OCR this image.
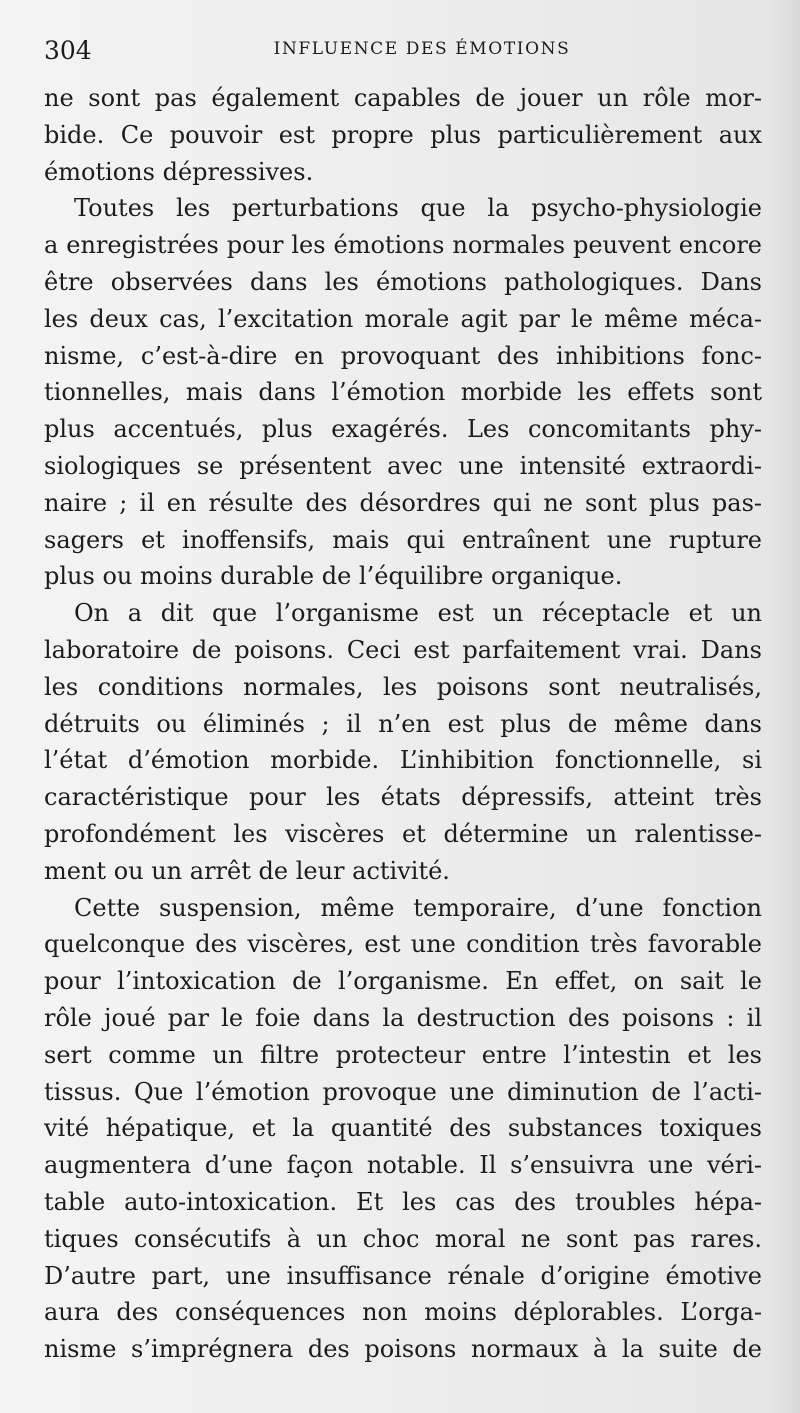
304	INFLUENCE DES ÉMOTIONS

ne sont pas également capables de jouer un rôle mor-
bide. Ce pouvoir est propre plus particulièrement aux
émotions dépressives.

Toutes les perturbations que la psycho-physiologie
a enregistrées pour les émotions normales peuvent encore
être observées dans les émotions pathologiques. Dans
les deux cas, l’excitation morale agit par le même méca-
nisme, c’est-à-dire en provoquant des inhibitions fonc-
tionnelles, mais dans l’émotion morbide les effets sont
plus accentués, plus exagérés. Les concomitants phy-
siologiques se présentent avec une intensité extraordi-
naire ; il en résulte des désordres qui ne sont plus pas-
sagers et inoffensifs, mais qui entraînent une rupture
plus ou moins durable de l’équilibre organique.

On a dit que l’organisme est un réceptacle et un
laboratoire de poisons. Ceci est parfaitement vrai. Dans
les conditions normales, les poisons sont neutralisés,
détruits ou éliminés ; il n’en est plus de même dans
l’état d’émotion morbide. L’inhibition fonctionnelle, si
caractéristique pour les états dépressifs, atteint très
profondément les viscères et détermine un ralentisse-
ment ou un arrêt de leur activité.

Cette suspension, même temporaire, d’une fonction
quelconque des viscères, est une condition très favorable
pour l’intoxication de l’organisme. En effet, on sait le
rôle joué par le foie dans la destruction des poisons : il
sert comme un filtre protecteur entre l’intestin et les
tissus. Que l’émotion provoque une diminution de l’acti-
vité hépatique, et la quantité des substances toxiques
augmentera d’une façon notable. Il s’ensuivra une véri-
table auto-intoxication. Et les cas des troubles hépa-
tiques consécutifs à un choc moral ne sont pas rares.
D’autre part, une insuffisance rénale d’origine émotive
aura des conséquences non moins déplorables. L’orga-
nisme s’imprégnera des poisons normaux à la suite de
